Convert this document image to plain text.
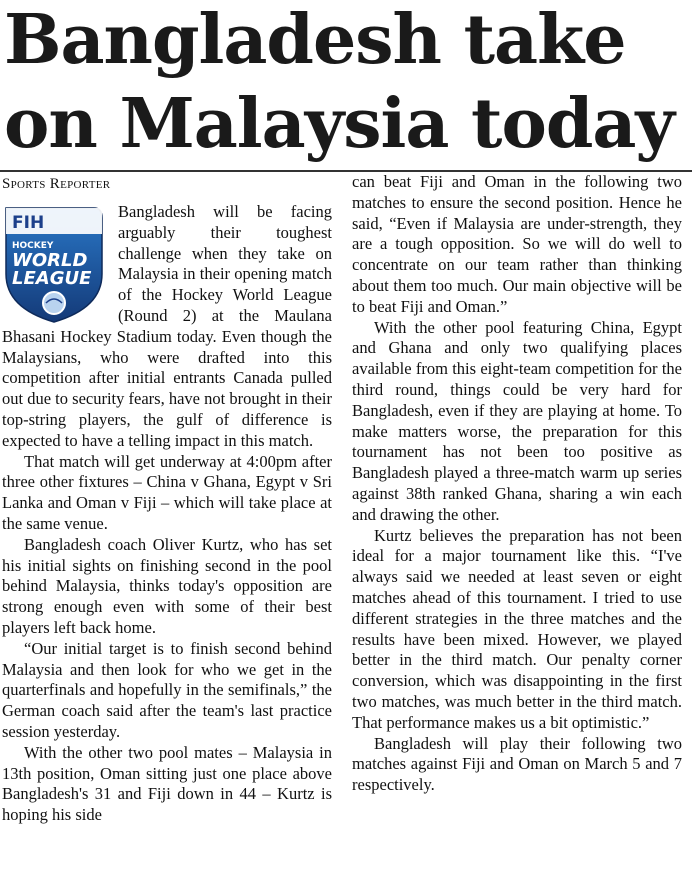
Bangladesh take on Malaysia today
Sports Reporter
FIH
HOCKEY
WORLD
LEAGUE

Bangladesh will be facing arguably their toughest challenge when they take on Malaysia in their opening match of the Hockey World League (Round 2) at the Maulana Bhasani Hockey Stadium today. Even though the Malaysians, who were drafted into this competition after initial entrants Canada pulled out due to security fears, have not brought in their top-string players, the gulf of difference is expected to have a telling impact in this match.

That match will get underway at 4:00pm after three other fixtures – China v Ghana, Egypt v Sri Lanka and Oman v Fiji – which will take place at the same venue.

Bangladesh coach Oliver Kurtz, who has set his initial sights on finishing second in the pool behind Malaysia, thinks today's opposition are strong enough even with some of their best players left back home.

“Our initial target is to finish second behind Malaysia and then look for who we get in the quarterfinals and hopefully in the semifinals,” the German coach said after the team's last practice session yesterday.

With the other two pool mates – Malaysia in 13th position, Oman sitting just one place above Bangladesh's 31 and Fiji down in 44 – Kurtz is hoping his side

can beat Fiji and Oman in the following two matches to ensure the second position. Hence he said, “Even if Malaysia are under-strength, they are a tough opposition. So we will do well to concentrate on our team rather than thinking about them too much. Our main objective will be to beat Fiji and Oman.”

With the other pool featuring China, Egypt and Ghana and only two qualifying places available from this eight-team competition for the third round, things could be very hard for Bangladesh, even if they are playing at home. To make matters worse, the preparation for this tournament has not been too positive as Bangladesh played a three-match warm up series against 38th ranked Ghana, sharing a win each and drawing the other.

Kurtz believes the preparation has not been ideal for a major tournament like this. “I've always said we needed at least seven or eight matches ahead of this tournament. I tried to use different strategies in the three matches and the results have been mixed. However, we played better in the third match. Our penalty corner conversion, which was disappointing in the first two matches, was much better in the third match. That performance makes us a bit optimistic.”

Bangladesh will play their following two matches against Fiji and Oman on March 5 and 7 respectively.
